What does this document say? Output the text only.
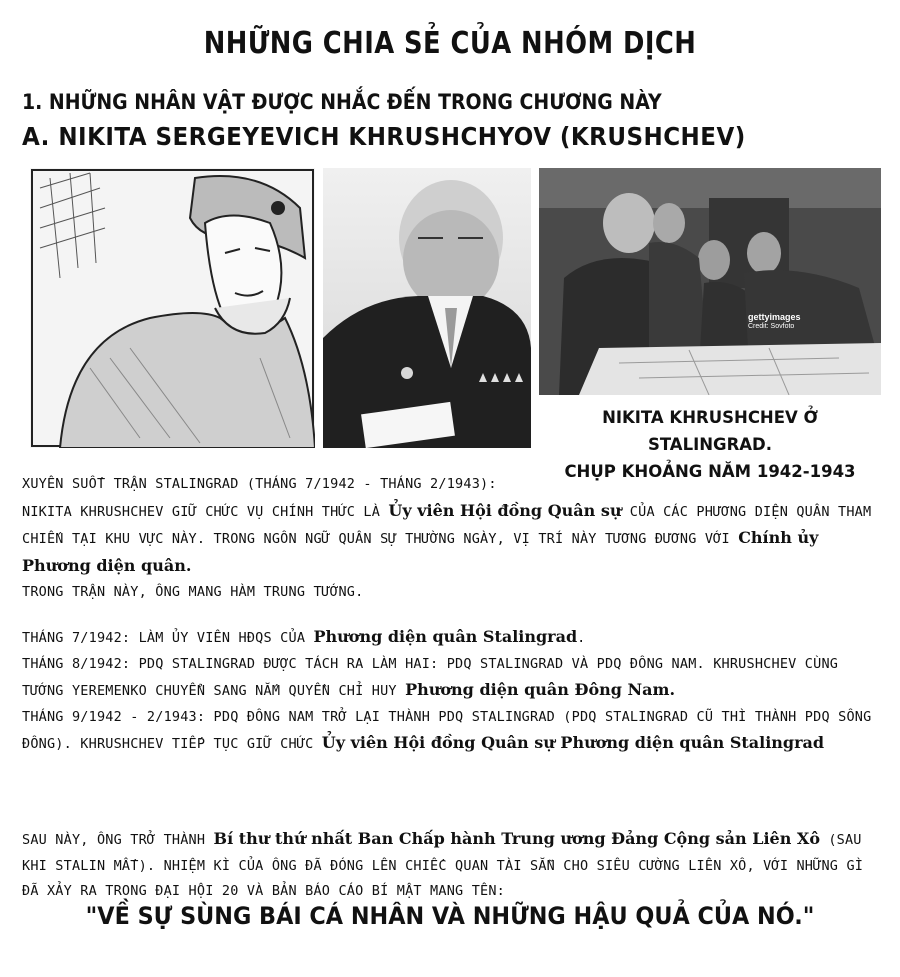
NHỮNG CHIA SẺ CỦA NHÓM DỊCH
1. NHỮNG NHÂN VẬT ĐƯỢC NHẮC ĐẾN TRONG CHƯƠNG NÀY
A. NIKITA SERGEYEVICH KHRUSHCHYOV (KRUSHCHEV)
gettyimages
Credit: Sovfoto
NIKITA KHRUSHCHEV Ở STALINGRAD.
CHỤP KHOẢNG NĂM 1942-1943
XUYÊN SUỐT TRẬN STALINGRAD (THÁNG 7/1942 - THÁNG 2/1943):
NIKITA KHRUSHCHEV GIỮ CHỨC VỤ CHÍNH THỨC LÀ Ủy viên Hội đồng Quân sự CỦA CÁC PHƯƠNG DIỆN QUÂN THAM CHIẾN TẠI KHU VỰC NÀY. TRONG NGÔN NGỮ QUÂN SỰ THƯỜNG NGÀY, VỊ TRÍ NÀY TƯƠNG ĐƯƠNG VỚI Chính ủy Phương diện quân.
TRONG TRẬN NÀY, ÔNG MANG HÀM TRUNG TƯỚNG.
THÁNG 7/1942: LÀM ỦY VIÊN HĐQS CỦA Phương diện quân Stalingrad.
THÁNG 8/1942: PDQ STALINGRAD ĐƯỢC TÁCH RA LÀM HAI: PDQ STALINGRAD VÀ PDQ ĐÔNG NAM. KHRUSHCHEV CÙNG TƯỚNG YEREMENKO CHUYỂN SANG NẮM QUYỀN CHỈ HUY Phương diện quân Đông Nam.
THÁNG 9/1942 - 2/1943: PDQ ĐÔNG NAM TRỞ LẠI THÀNH PDQ STALINGRAD (PDQ STALINGRAD CŨ THÌ THÀNH PDQ SÔNG ĐÔNG). KHRUSHCHEV TIẾP TỤC GIỮ CHỨC Ủy viên Hội đồng Quân sự Phương diện quân Stalingrad
SAU NÀY, ÔNG TRỞ THÀNH Bí thư thứ nhất Ban Chấp hành Trung ương Đảng Cộng sản Liên Xô (SAU KHI STALIN MẤT). NHIỆM KÌ CỦA ÔNG ĐÃ ĐÓNG LÊN CHIẾC QUAN TÀI SẴN CHO SIÊU CƯỜNG LIÊN XÔ, VỚI NHỮNG GÌ ĐÃ XẢY RA TRONG ĐẠI HỘI 20 VÀ BẢN BÁO CÁO BÍ MẬT MANG TÊN:
"VỀ SỰ SÙNG BÁI CÁ NHÂN VÀ NHỮNG HẬU QUẢ CỦA NÓ."
